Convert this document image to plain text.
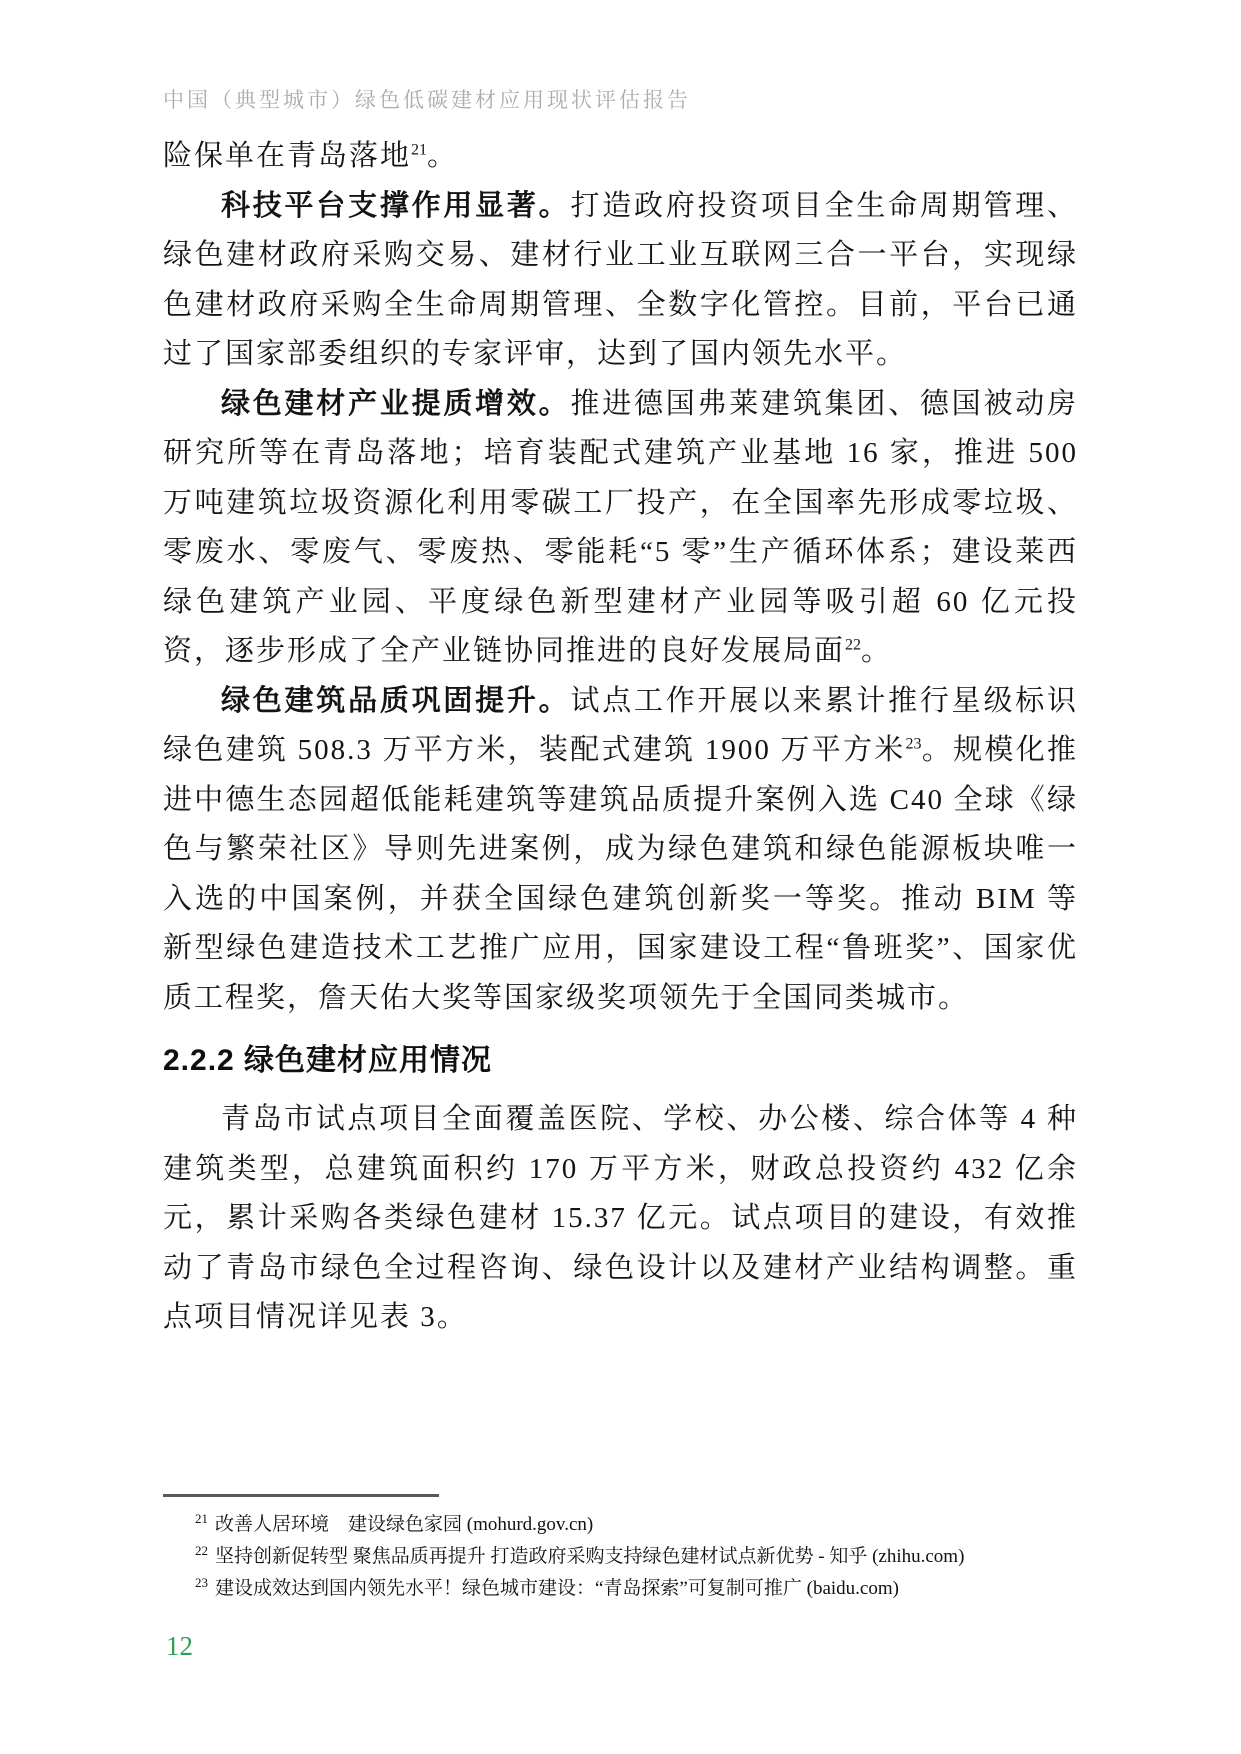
中国（典型城市）绿色低碳建材应用现状评估报告

险保单在青岛落地$^{21}$。

科技平台支撑作用显著。打造政府投资项目全生命周期管理、绿色建材政府采购交易、建材行业工业互联网三合一平台，实现绿色建材政府采购全生命周期管理、全数字化管控。目前，平台已通过了国家部委组织的专家评审，达到了国内领先水平。

绿色建材产业提质增效。推进德国弗莱建筑集团、德国被动房研究所等在青岛落地；培育装配式建筑产业基地 16 家，推进 500 万吨建筑垃圾资源化利用零碳工厂投产，在全国率先形成零垃圾、零废水、零废气、零废热、零能耗“5 零”生产循环体系；建设莱西绿色建筑产业园、平度绿色新型建材产业园等吸引超 60 亿元投资，逐步形成了全产业链协同推进的良好发展局面$^{22}$。

绿色建筑品质巩固提升。试点工作开展以来累计推行星级标识绿色建筑 508.3 万平方米，装配式建筑 1900 万平方米$^{23}$。规模化推进中德生态园超低能耗建筑等建筑品质提升案例入选 C40 全球《绿色与繁荣社区》导则先进案例，成为绿色建筑和绿色能源板块唯一入选的中国案例，并获全国绿色建筑创新奖一等奖。推动 BIM 等新型绿色建造技术工艺推广应用，国家建设工程“鲁班奖”、国家优质工程奖，詹天佑大奖等国家级奖项领先于全国同类城市。

2.2.2 绿色建材应用情况

青岛市试点项目全面覆盖医院、学校、办公楼、综合体等 4 种建筑类型，总建筑面积约 170 万平方米，财政总投资约 432 亿余元，累计采购各类绿色建材 15.37 亿元。试点项目的建设，有效推动了青岛市绿色全过程咨询、绿色设计以及建材产业结构调整。重点项目情况详见表 3。

$^{21}$ 改善人居环境　建设绿色家园 (mohurd.gov.cn)
$^{22}$ 坚持创新促转型 聚焦品质再提升 打造政府采购支持绿色建材试点新优势 - 知乎 (zhihu.com)
$^{23}$ 建设成效达到国内领先水平！绿色城市建设：“青岛探索”可复制可推广 (baidu.com)
12
